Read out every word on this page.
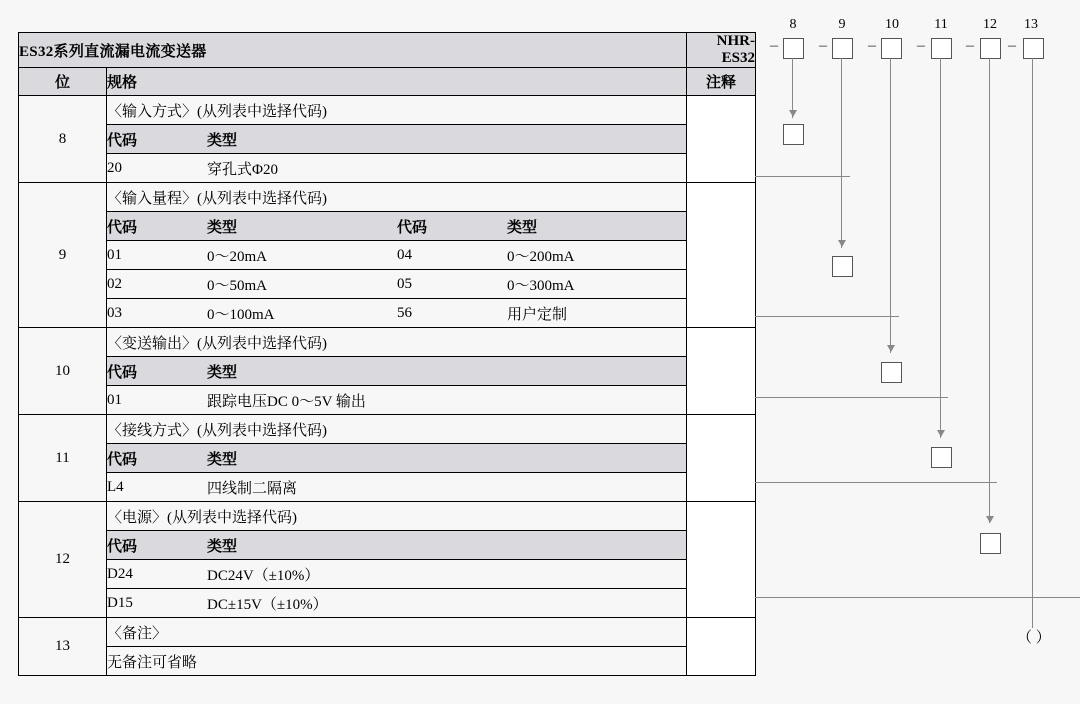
ES32系列直流漏电流变送器	NHR-ES32
位	规格	注释
8	
〈输入方式〉(从列表中选择代码)
代码	类型
20	穿孔式Φ20

9	
〈输入量程〉(从列表中选择代码)
代码	类型	代码	类型
01	0～20mA	04	0～200mA
02	0～50mA	05	0～300mA
03	0～100mA	56	用户定制

10	
〈变送输出〉(从列表中选择代码)
代码	类型
01	跟踪电压DC 0～5V 输出

11	
〈接线方式〉(从列表中选择代码)
代码	类型
L4	四线制二隔离

12	
〈电源〉(从列表中选择代码)
代码	类型
D24	DC24V（±10%）
D15	DC±15V（±10%）

13	
〈备注〉
无备注可省略

8	9	10	11	12 13
–	–	–	–	– –
（ ）
